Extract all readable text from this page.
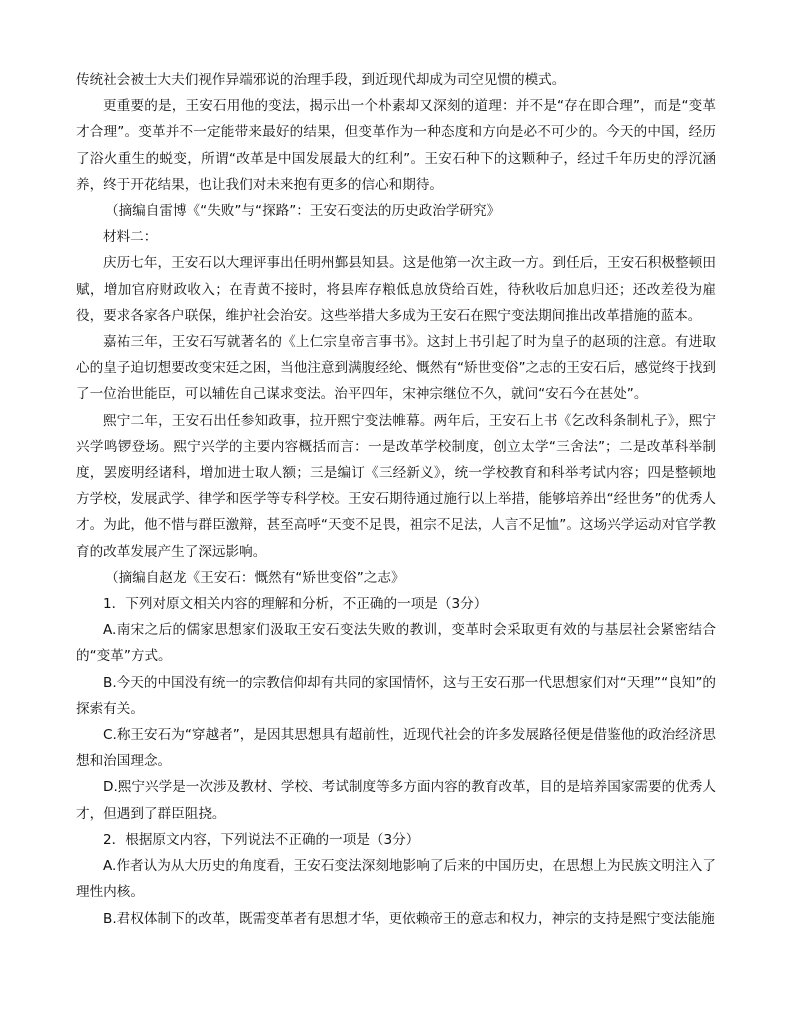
传统社会被士大夫们视作异端邪说的治理手段，到近现代却成为司空见惯的模式。

更重要的是，王安石用他的变法，揭示出一个朴素却又深刻的道理：并不是“存在即合理”，而是“变革才合理”。变革并不一定能带来最好的结果，但变革作为一种态度和方向是必不可少的。今天的中国，经历了浴火重生的蜕变，所谓“改革是中国发展最大的红利”。王安石种下的这颗种子，经过千年历史的浮沉涵养，终于开花结果，也让我们对未来抱有更多的信心和期待。

（摘编自雷博《“失败”与“探路”：王安石变法的历史政治学研究》

材料二：

庆历七年，王安石以大理评事出任明州鄞县知县。这是他第一次主政一方。到任后，王安石积极整顿田赋，增加官府财政收入；在青黄不接时，将县库存粮低息放贷给百姓，待秋收后加息归还；还改差役为雇役，要求各家各户联保，维护社会治安。这些举措大多成为王安石在熙宁变法期间推出改革措施的蓝本。

嘉祐三年，王安石写就著名的《上仁宗皇帝言事书》。这封上书引起了时为皇子的赵顼的注意。有进取心的皇子迫切想要改变宋廷之困，当他注意到满腹经纶、慨然有“矫世变俗”之志的王安石后，感觉终于找到了一位治世能臣，可以辅佐自己谋求变法。治平四年，宋神宗继位不久，就问“安石今在甚处”。

熙宁二年，王安石出任参知政事，拉开熙宁变法帷幕。两年后，王安石上书《乞改科条制札子》，熙宁兴学鸣锣登场。熙宁兴学的主要内容概括而言：一是改革学校制度，创立太学“三舍法”；二是改革科举制度，罢废明经诸科，增加进士取人额；三是编订《三经新义》，统一学校教育和科举考试内容；四是整顿地方学校，发展武学、律学和医学等专科学校。王安石期待通过施行以上举措，能够培养出“经世务”的优秀人才。为此，他不惜与群臣激辩，甚至高呼“天变不足畏，祖宗不足法，人言不足恤”。这场兴学运动对官学教育的改革发展产生了深远影响。

（摘编自赵龙《王安石：慨然有“矫世变俗”之志》

1．下列对原文相关内容的理解和分析，不正确的一项是（3分）

A.南宋之后的儒家思想家们汲取王安石变法失败的教训，变革时会采取更有效的与基层社会紧密结合的“变革”方式。

B.今天的中国没有统一的宗教信仰却有共同的家国情怀，这与王安石那一代思想家们对“天理”“良知”的探索有关。

C.称王安石为“穿越者”，是因其思想具有超前性，近现代社会的许多发展路径便是借鉴他的政治经济思想和治国理念。

D.熙宁兴学是一次涉及教材、学校、考试制度等多方面内容的教育改革，目的是培养国家需要的优秀人才，但遇到了群臣阻挠。

2．根据原文内容，下列说法不正确的一项是（3分）

A.作者认为从大历史的角度看，王安石变法深刻地影响了后来的中国历史，在思想上为民族文明注入了理性内核。

B.君权体制下的改革，既需变革者有思想才华，更依赖帝王的意志和权力，神宗的支持是熙宁变法能施
